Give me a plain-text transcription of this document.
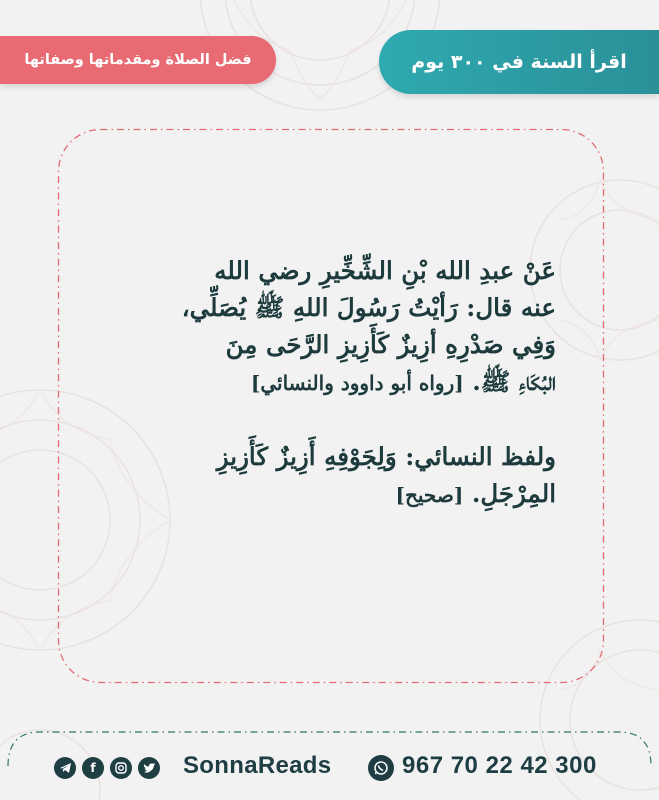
اقرأ السنة في ٣٠٠ يوم
فضل الصلاة ومقدماتها وصفاتها

عَنْ عبدِ الله بْنِ الشِّخِّيرِ رضي الله

عنه قال: رَأيْتُ رَسُولَ اللهِ ﷺ يُصَلِّي،

وَفِي صَدْرِهِ أزِيزٌ كَأَزِيزِ الرَّحَى مِنَ

البُكَاءِ ﷺ. [رواه أبو داوود والنسائي]

ولفظ النسائي: وَلِجَوْفِهِ أَزِيزٌ كَأَزِيزِ

المِرْجَلِ. [صحيح]

f	SonnaReads	967 70 22 42 300
